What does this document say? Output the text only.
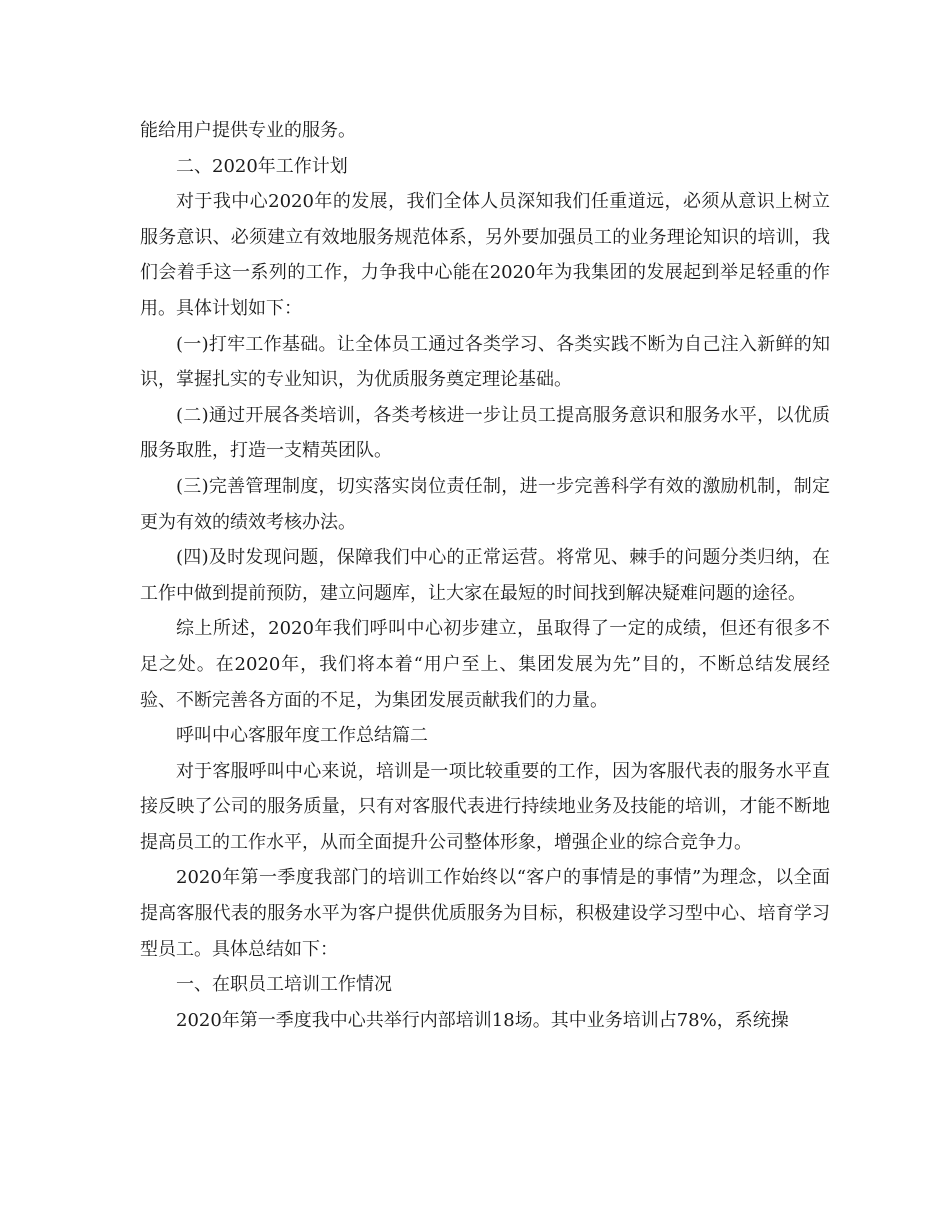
能给用户提供专业的服务。

二、2020年工作计划

对于我中心2020年的发展，我们全体人员深知我们任重道远，必须从意识上树立服务意识、必须建立有效地服务规范体系，另外要加强员工的业务理论知识的培训，我们会着手这一系列的工作，力争我中心能在2020年为我集团的发展起到举足轻重的作用。具体计划如下：

(一)打牢工作基础。让全体员工通过各类学习、各类实践不断为自己注入新鲜的知识，掌握扎实的专业知识，为优质服务奠定理论基础。

(二)通过开展各类培训，各类考核进一步让员工提高服务意识和服务水平，以优质服务取胜，打造一支精英团队。

(三)完善管理制度，切实落实岗位责任制，进一步完善科学有效的激励机制，制定更为有效的绩效考核办法。

(四)及时发现问题，保障我们中心的正常运营。将常见、棘手的问题分类归纳，在工作中做到提前预防，建立问题库，让大家在最短的时间找到解决疑难问题的途径。

综上所述，2020年我们呼叫中心初步建立，虽取得了一定的成绩，但还有很多不足之处。在2020年，我们将本着“用户至上、集团发展为先”目的，不断总结发展经验、不断完善各方面的不足，为集团发展贡献我们的力量。

呼叫中心客服年度工作总结篇二

对于客服呼叫中心来说，培训是一项比较重要的工作，因为客服代表的服务水平直接反映了公司的服务质量，只有对客服代表进行持续地业务及技能的培训，才能不断地提高员工的工作水平，从而全面提升公司整体形象，增强企业的综合竞争力。

2020年第一季度我部门的培训工作始终以“客户的事情是的事情”为理念，以全面提高客服代表的服务水平为客户提供优质服务为目标，积极建设学习型中心、培育学习型员工。具体总结如下：

一、在职员工培训工作情况

2020年第一季度我中心共举行内部培训18场。其中业务培训占78%，系统操
